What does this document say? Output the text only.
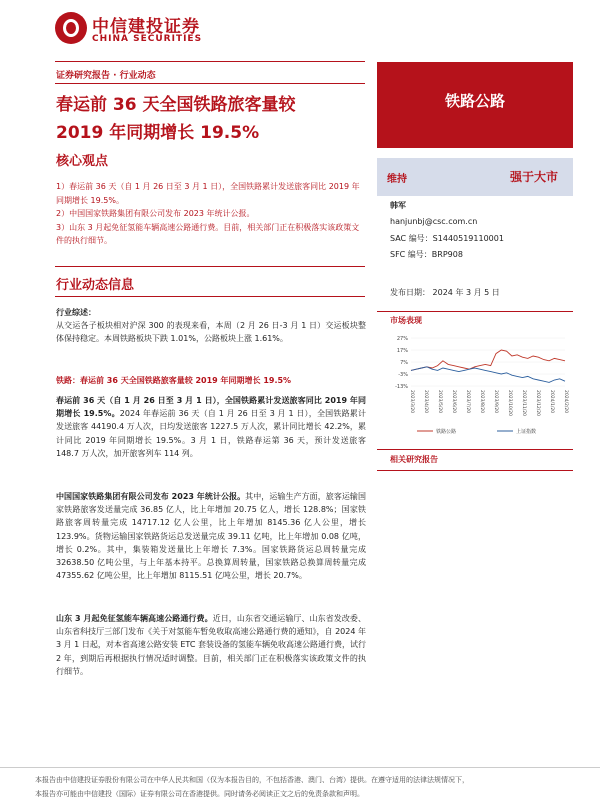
中信建投证券
CHINA SECURITIES
证券研究报告 · 行业动态
春运前 36 天全国铁路旅客量较
2019 年同期增长 19.5%
核心观点

1）春运前 36 天（自 1 月 26 日至 3 月 1 日），全国铁路累计发送旅客同比 2019 年同期增长 19.5%。

2）中国国家铁路集团有限公司发布 2023 年统计公报。

3）山东 3 月起免征氢能车辆高速公路通行费。目前，相关部门正在积极落实该政策文件的执行细节。

行业动态信息

行业综述：

从交运各子板块相对沪深 300 的表现来看，本周（2 月 26 日-3 月 1 日）交运板块整体保持稳定。本周铁路板块下跌 1.01%，公路板块上涨 1.61%。

铁路：春运前 36 天全国铁路旅客量较 2019 年同期增长 19.5%

春运前 36 天（自 1 月 26 日至 3 月 1 日），全国铁路累计发送旅客同比 2019 年同期增长 19.5%。2024 年春运前 36 天（自 1 月 26 日至 3 月 1 日），全国铁路累计发送旅客 44190.4 万人次，日均发送旅客 1227.5 万人次，累计同比增长 42.2%，累计同比 2019 年同期增长 19.5%。3 月 1 日，铁路春运第 36 天，预计发送旅客 148.7 万人次，加开旅客列车 114 列。

中国国家铁路集团有限公司发布 2023 年统计公报。其中，运输生产方面，旅客运输国家铁路旅客发送量完成 36.85 亿人，比上年增加 20.75 亿人，增长 128.8%；国家铁路旅客周转量完成 14717.12 亿人公里，比上年增加 8145.36 亿人公里，增长 123.9%。货物运输国家铁路货运总发送量完成 39.11 亿吨，比上年增加 0.08 亿吨，增长 0.2%。其中，集装箱发送量比上年增长 7.3%。国家铁路货运总周转量完成 32638.50 亿吨公里，与上年基本持平。总换算周转量，国家铁路总换算周转量完成 47355.62 亿吨公里，比上年增加 8115.51 亿吨公里，增长 20.7%。

山东 3 月起免征氢能车辆高速公路通行费。近日，山东省交通运输厅、山东省发改委、山东省科技厅三部门发布《关于对氢能车暂免收取高速公路通行费的通知》，自 2024 年 3 月 1 日起，对本省高速公路安装 ETC 套装设备的氢能车辆免收高速公路通行费，试行 2 年，到期后再根据执行情况适时调整。目前，相关部门正在积极落实该政策文件的执行细节。

铁路公路
维持	强于大市
韩军
hanjunbj@csc.com.cn
SAC 编号：S1440519110001
SFC 编号：BRP908
发布日期： 2024 年 3 月 5 日
市场表现
27%
17%
7%
-3%
-13%
2023/3/20 2023/4/20 2023/5/20 2023/6/20 2023/7/20 2023/8/20 2023/9/20 2023/10/20 2023/11/20 2023/12/20 2024/1/20 2024/2/20
铁路公路	上证指数
相关研究报告
本报告由中信建投证券股份有限公司在中华人民共和国（仅为本报告目的，不包括香港、澳门、台湾）提供。在遵守适用的法律法规情况下，
本报告亦可能由中信建投（国际）证券有限公司在香港提供。同时请务必阅读正文之后的免责条款和声明。
